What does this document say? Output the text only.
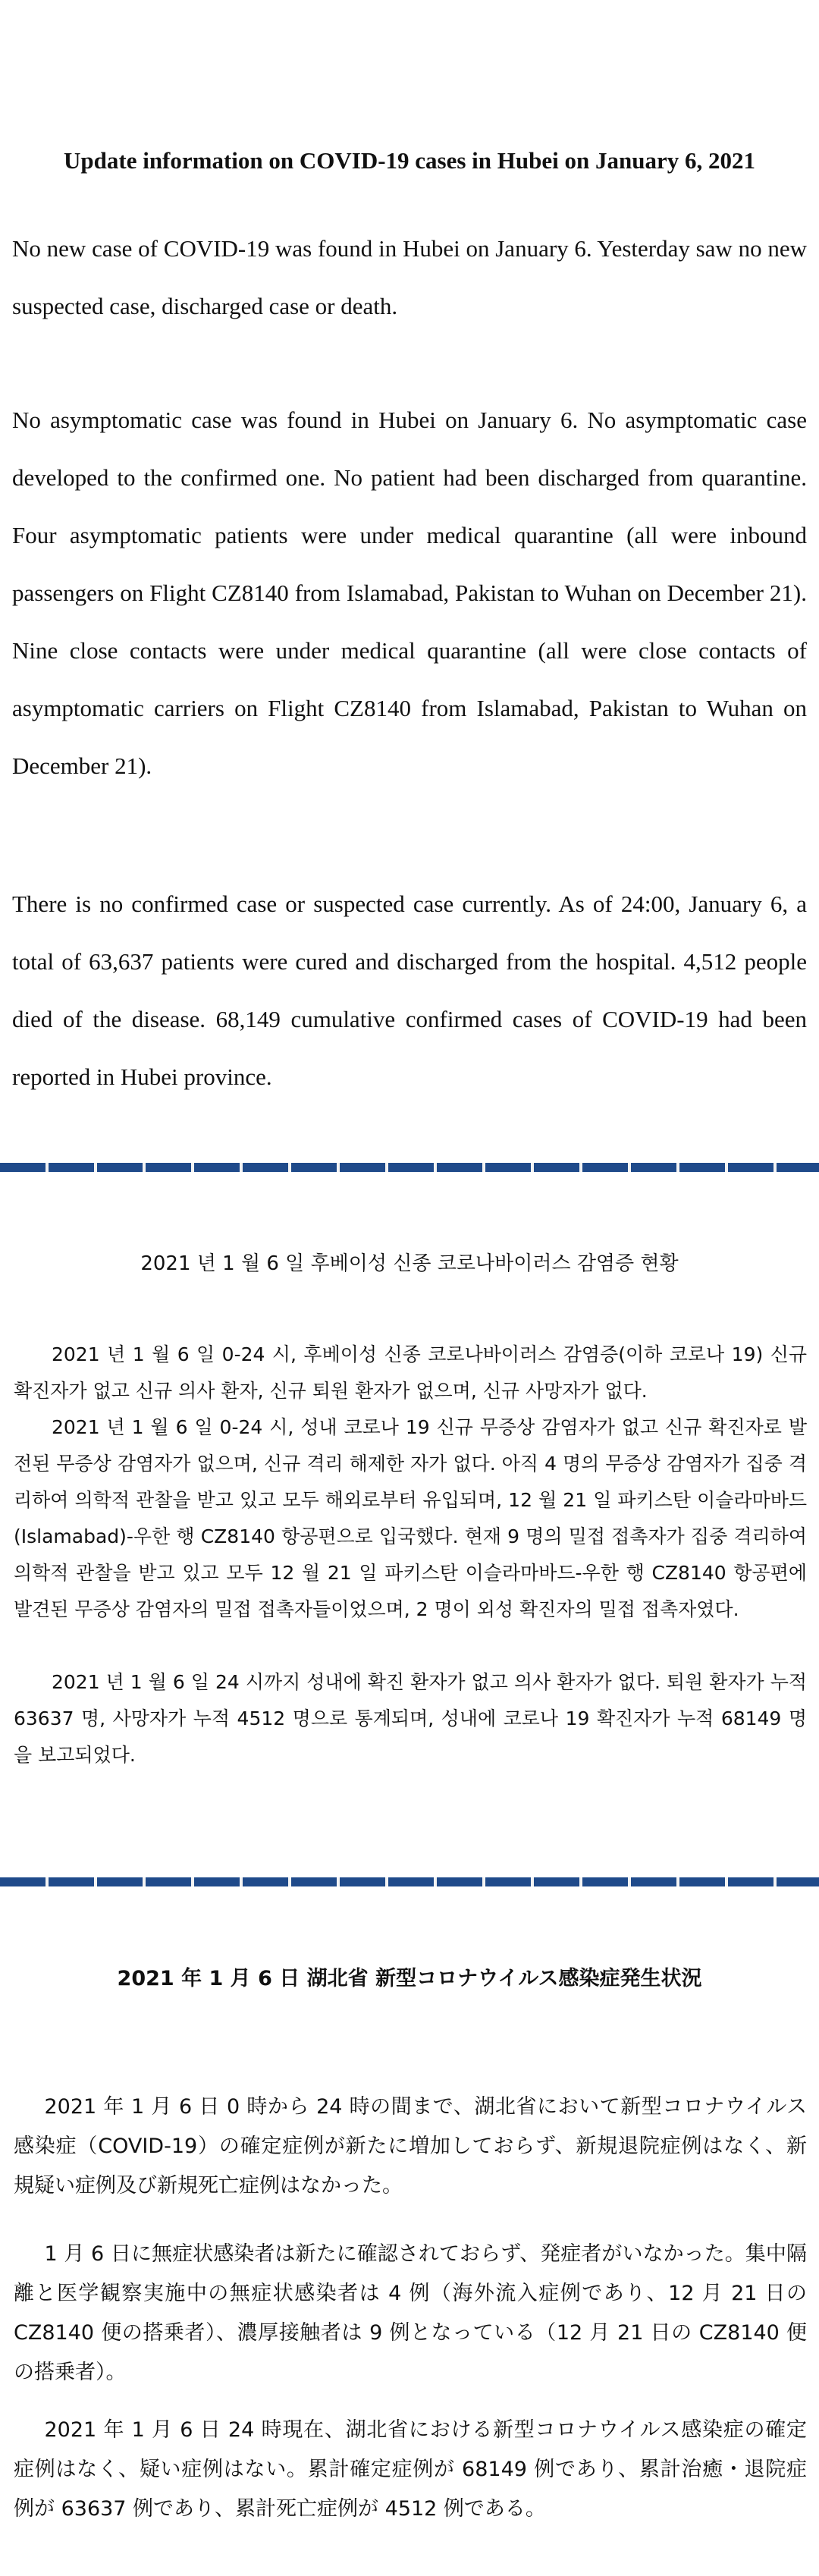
Update information on COVID-19 cases in Hubei on January 6, 2021

No new case of COVID-19 was found in Hubei on January 6. Yesterday saw no new suspected case, discharged case or death.

No asymptomatic case was found in Hubei on January 6. No asymptomatic case developed to the confirmed one. No patient had been discharged from quarantine. Four asymptomatic patients were under medical quarantine (all were inbound passengers on Flight CZ8140 from Islamabad, Pakistan to Wuhan on December 21). Nine close contacts were under medical quarantine (all were close contacts of asymptomatic carriers on Flight CZ8140 from Islamabad, Pakistan to Wuhan on December 21).

There is no confirmed case or suspected case currently. As of 24:00, January 6, a total of 63,637 patients were cured and discharged from the hospital. 4,512 people died of the disease. 68,149 cumulative confirmed cases of COVID-19 had been reported in Hubei province.

2021 년 1 월 6 일 후베이성 신종 코로나바이러스 감염증 현황

2021 년 1 월 6 일 0-24 시, 후베이성 신종 코로나바이러스 감염증(이하 코로나 19) 신규 확진자가 없고 신규 의사 환자, 신규 퇴원 환자가 없으며, 신규 사망자가 없다.

2021 년 1 월 6 일 0-24 시, 성내 코로나 19 신규 무증상 감염자가 없고 신규 확진자로 발전된 무증상 감염자가 없으며, 신규 격리 해제한 자가 없다. 아직 4 명의 무증상 감염자가 집중 격리하여 의학적 관찰을 받고 있고 모두 해외로부터 유입되며, 12 월 21 일 파키스탄 이슬라마바드(Islamabad)-우한 행 CZ8140 항공편으로 입국했다. 현재 9 명의 밀접 접촉자가 집중 격리하여 의학적 관찰을 받고 있고 모두 12 월 21 일 파키스탄 이슬라마바드-우한 행 CZ8140 항공편에 발견된 무증상 감염자의 밀접 접촉자들이었으며, 2 명이 외성 확진자의 밀접 접촉자였다.

2021 년 1 월 6 일 24 시까지 성내에 확진 환자가 없고 의사 환자가 없다. 퇴원 환자가 누적 63637 명, 사망자가 누적 4512 명으로 통계되며, 성내에 코로나 19 확진자가 누적 68149 명을 보고되었다.

2021 年 1 月 6 日 湖北省 新型コロナウイルス感染症発生状況

2021 年 1 月 6 日 0 時から 24 時の間まで、湖北省において新型コロナウイルス感染症（COVID-19）の確定症例が新たに増加しておらず、新規退院症例はなく、新規疑い症例及び新規死亡症例はなかった。

1 月 6 日に無症状感染者は新たに確認されておらず、発症者がいなかった。集中隔離と医学観察実施中の無症状感染者は 4 例（海外流入症例であり、12 月 21 日の CZ8140 便の搭乗者）、濃厚接触者は 9 例となっている（12 月 21 日の CZ8140 便の搭乗者）。

2021 年 1 月 6 日 24 時現在、湖北省における新型コロナウイルス感染症の確定症例はなく、疑い症例はない。累計確定症例が 68149 例であり、累計治癒・退院症例が 63637 例であり、累計死亡症例が 4512 例である。
